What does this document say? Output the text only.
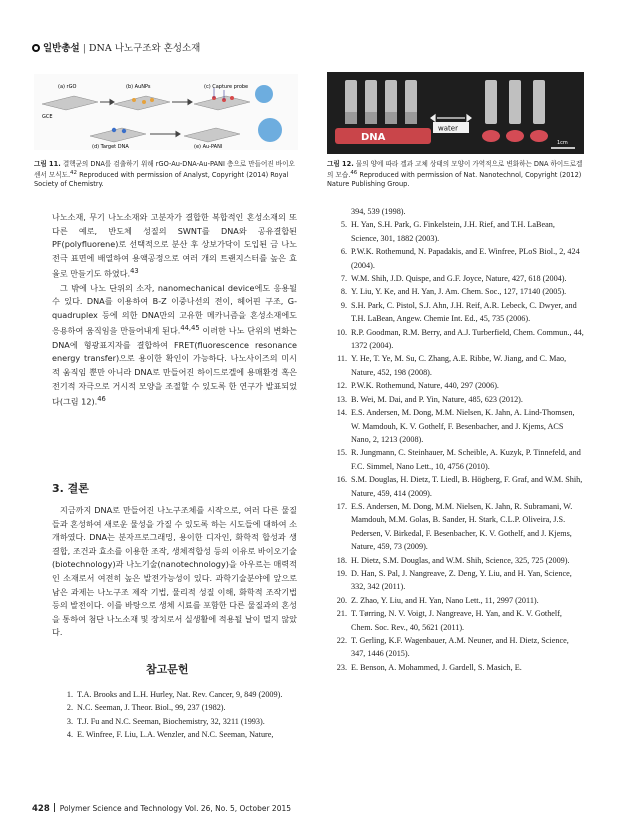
일반총설 | DNA 나노구조와 혼성소재
(a) rGO	(b) AuNPs	(c) Capture probe
(d) Target DNA	(e) Au-PANI
GCE
그림 11. 결핵균의 DNA를 검출하기 위해 rGO-Au-DNA-Au-PANI 층으로 만들어진 바이오센서 모식도.$^{42}$ Reproduced with permission of Analyst, Copyright (2014) Royal Society of Chemistry.
DNA
water
1cm
그림 12. 물의 양에 따라 겔과 고체 상태의 모양이 가역적으로 변화하는 DNA 하이드로겔의 모습.$^{46}$ Reproduced with permission of Nat. Nanotechnol, Copyright (2012) Nature Publishing Group.

나노소재, 무기 나노소재와 고분자가 결합한 복합적인 혼성소재의 또 다른 예로, 반도체 성질의 SWNT를 DNA와 공유결합된 PF(polyfluorene)로 선택적으로 분산 후 상보가닥이 도입된 금 나노전극 표면에 배열하여 용액공정으로 여러 개의 트랜지스터를 높은 효율로 만들기도 하였다.$^{43}$

그 밖에 나노 단위의 소자, nanomechanical device에도 응용될 수 있다. DNA를 이용하여 B-Z 이중나선의 전이, 헤어핀 구조, G-quadruplex 등에 의한 DNA만의 고유한 메카니즘을 혼성소재에도 응용하여 움직임을 만들어내게 된다.$^{44,45}$ 이러한 나노 단위의 변화는 DNA에 형광표지자를 결합하여 FRET(fluorescence resonance energy transfer)으로 용이한 확인이 가능하다. 나노사이즈의 미시적 움직임 뿐만 아니라 DNA로 만들어진 하이드로겔에 용매환경 혹은 전기적 자극으로 거시적 모양을 조절할 수 있도록 한 연구가 발표되었다(그림 12).$^{46}$

3. 결론

지금까지 DNA로 만들어진 나노구조체를 시작으로, 여러 다른 물질들과 혼성하여 새로운 물성을 가질 수 있도록 하는 시도들에 대하여 소개하였다. DNA는 분자프로그래밍, 용이한 디자인, 화학적 합성과 생결합, 조건과 효소를 이용한 조작, 생체적합성 등의 이유로 바이오기술(biotechnology)과 나노기술(nanotechnology)을 아우르는 매력적인 소재로서 여전히 높은 발전가능성이 있다. 과학기술분야에 앞으로 남은 과제는 나노구조 제작 기법, 물리적 성질 이해, 화학적 조작기법 등의 발전이다. 이를 바탕으로 생체 시료를 포함한 다른 물질과의 혼성을 통하여 첨단 나노소재 및 장치로서 실생활에 적용될 날이 멀지 않았다.

참고문헌
1. T.A. Brooks and L.H. Hurley, Nat. Rev. Cancer, 9, 849 (2009).
2. N.C. Seeman, J. Theor. Biol., 99, 237 (1982).
3. T.J. Fu and N.C. Seeman, Biochemistry, 32, 3211 (1993).
4. E. Winfree, F. Liu, L.A. Wenzler, and N.C. Seeman, Nature,
394, 539 (1998).
5. H. Yan, S.H. Park, G. Finkelstein, J.H. Rief, and T.H. LaBean, Science, 301, 1882 (2003).
6. P.W.K. Rothemund, N. Papadakis, and E. Winfree, PLoS Biol., 2, 424 (2004).
7. W.M. Shih, J.D. Quispe, and G.F. Joyce, Nature, 427, 618 (2004).
8. Y. Liu, Y. Ke, and H. Yan, J. Am. Chem. Soc., 127, 17140 (2005).
9. S.H. Park, C. Pistol, S.J. Ahn, J.H. Reif, A.R. Lebeck, C. Dwyer, and T.H. LaBean, Angew. Chemie Int. Ed., 45, 735 (2006).
10. R.P. Goodman, R.M. Berry, and A.J. Turberfield, Chem. Commun., 44, 1372 (2004).
11. Y. He, T. Ye, M. Su, C. Zhang, A.E. Ribbe, W. Jiang, and C. Mao, Nature, 452, 198 (2008).
12. P.W.K. Rothemund, Nature, 440, 297 (2006).
13. B. Wei, M. Dai, and P. Yin, Nature, 485, 623 (2012).
14. E.S. Andersen, M. Dong, M.M. Nielsen, K. Jahn, A. Lind-Thomsen, W. Mamdouh, K. V. Gothelf, F. Besenbacher, and J. Kjems, ACS Nano, 2, 1213 (2008).
15. R. Jungmann, C. Steinhauer, M. Scheible, A. Kuzyk, P. Tinnefeld, and F.C. Simmel, Nano Lett., 10, 4756 (2010).
16. S.M. Douglas, H. Dietz, T. Liedl, B. Högberg, F. Graf, and W.M. Shih, Nature, 459, 414 (2009).
17. E.S. Andersen, M. Dong, M.M. Nielsen, K. Jahn, R. Subramani, W. Mamdouh, M.M. Golas, B. Sander, H. Stark, C.L.P. Oliveira, J.S. Pedersen, V. Birkedal, F. Besenbacher, K. V. Gothelf, and J. Kjems, Nature, 459, 73 (2009).
18. H. Dietz, S.M. Douglas, and W.M. Shih, Science, 325, 725 (2009).
19. D. Han, S. Pal, J. Nangreave, Z. Deng, Y. Liu, and H. Yan, Science, 332, 342 (2011).
20. Z. Zhao, Y. Liu, and H. Yan, Nano Lett., 11, 2997 (2011).
21. T. Tørring, N. V. Voigt, J. Nangreave, H. Yan, and K. V. Gothelf, Chem. Soc. Rev., 40, 5621 (2011).
22. T. Gerling, K.F. Wagenbauer, A.M. Neuner, and H. Dietz, Science, 347, 1446 (2015).
23. E. Benson, A. Mohammed, J. Gardell, S. Masich, E.
428 Polymer Science and Technology Vol. 26, No. 5, October 2015
